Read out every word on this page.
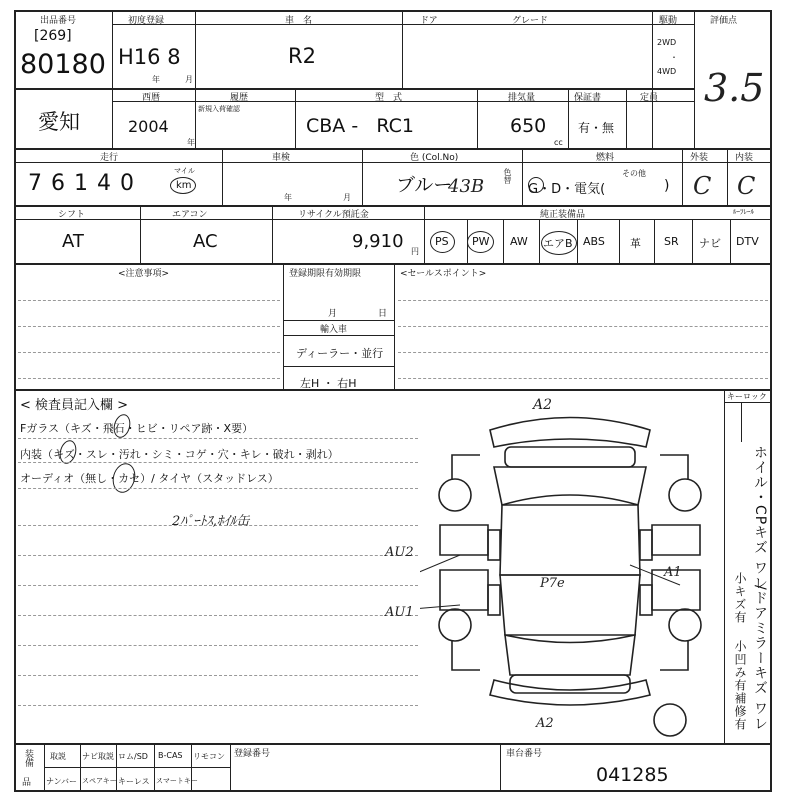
出品番号
[269]
80180
初度登録
H16 8
年	月
車　名
R2
ドア	グレード	駆動
2WD
・
4WD
評価点
3.5
愛知
西暦
2004
年
履歴
新規入荷確認
型　式
CBA -   RC1
排気量
650
cc
保証書
有・無
定員
走行
7 6 1 4 0	マイル
km
車検
年	月
色 (Col.No)
ブルー
43B 色替
燃料
G・D・電気(
その他
)
外装
C
内装
C
シフト
AT
エアコン
AC
リサイクル預託金
9,910 円
純正装備品	ﾙｰﾌﾚｰﾙ
PS PW AW エアB ABS 革 SR ナビ DTV
<注意事項>	登録期限有効期限
月	日
輸入車
ディーラー・並行
左H ・ 右H
<セールスポイント>
< 検査員記入欄 >
Fガラス（キズ・飛石・ヒビ・リペア跡・X要）
内装（キズ・スレ・汚れ・シミ・コゲ・穴・キレ・破れ・剥れ）
オーディオ（無し・カセ）/ タイヤ（スタッドレス）
2ﾊﾟｰﾄｽ,ﾎｲﾙ缶
A2
AU2
AU1
A1
A2
P7e
キーロック
ホイル・CPキズ ワレ
/ドアミラーキズ ワレ
小キズ有
小凹み有
補修有
装備
品
取説 ナビ取説 ロム/SD B-CAS リモコン
ナンバー スペアキー キーレス スマートキー
登録番号	車台番号
041285
